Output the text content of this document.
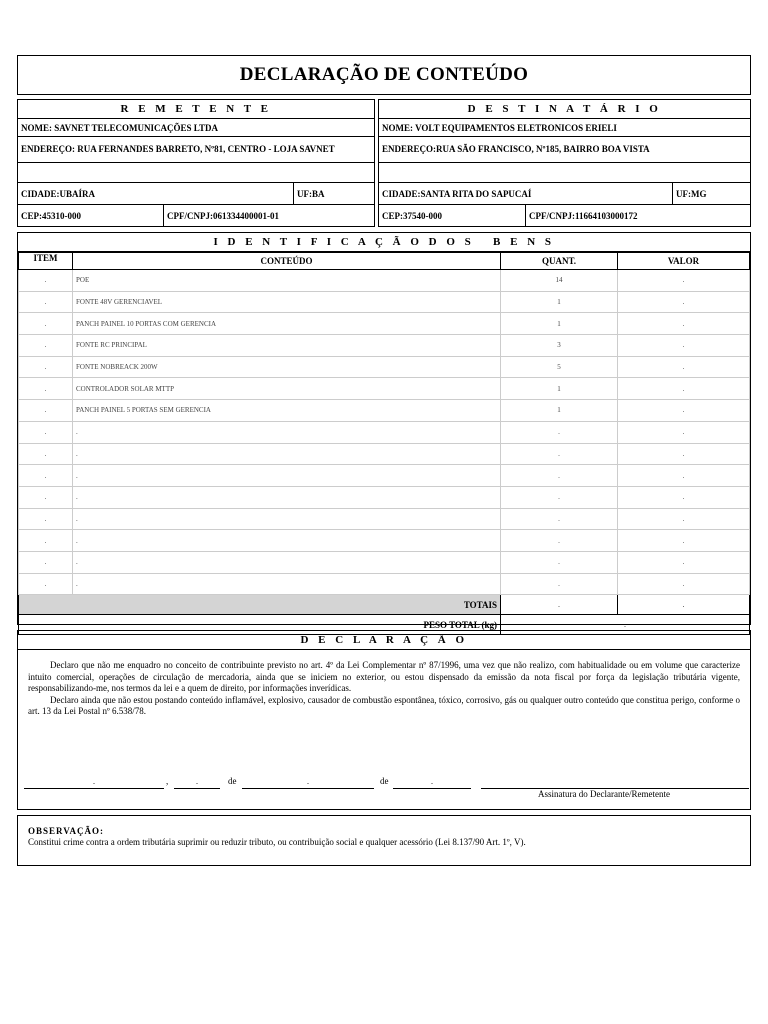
DECLARAÇÃO DE CONTEÚDO
R E M E T E N T E
NOME: SAVNET TELECOMUNICAÇÕES LTDA
ENDEREÇO: RUA FERNANDES BARRETO, Nº81, CENTRO - LOJA SAVNET
CIDADE:UBAÍRA	UF:BA
CEP:45310-000	CPF/CNPJ:061334400001-01
D E S T I N A T Á R I O
NOME: VOLT EQUIPAMENTOS ELETRONICOS ERIELI
ENDEREÇO:RUA SÃO FRANCISCO, Nº185, BAIRRO BOA VISTA
CIDADE:SANTA RITA DO SAPUCAÍ	UF:MG
CEP:37540-000	CPF/CNPJ:11664103000172
I D E N T I F I C A Ç Ã O D O S   B E N S
ITEM	CONTEÚDO	QUANT.	VALOR
.	POE	14	.
.	FONTE 48V GERENCIAVEL	1	.
.	PANCH PAINEL 10 PORTAS COM GERENCIA	1	.
.	FONTE RC PRINCIPAL	3	.
.	FONTE NOBREACK 200W	5	.
.	CONTROLADOR SOLAR MTTP	1	.
.	PANCH PAINEL 5 PORTAS SEM GERENCIA	1	.
.	.	.	.
.	.	.	.
.	.	.	.
.	.	.	.
.	.	.	.
.	.	.	.
.	.	.	.
.	.	.	.
TOTAIS		.	.
PESO TOTAL (kg)		.	
D E C L A R A Ç Ã O

Declaro que não me enquadro no conceito de contribuinte previsto no art. 4º da Lei Complementar nº 87/1996, uma vez que não realizo, com habitualidade ou em volume que caracterize intuito comercial, operações de circulação de mercadoria, ainda que se iniciem no exterior, ou estou dispensado da emissão da nota fiscal por força da legislação tributária vigente, responsabilizando-me, nos termos da lei e a quem de direito, por informações inverídicas.

Declaro ainda que não estou postando conteúdo inflamável, explosivo, causador de combustão espontânea, tóxico, corrosivo, gás ou qualquer outro conteúdo que constitua perigo, conforme o art. 13 da Lei Postal nº 6.538/78.

.	,	.	de	.	de	.
Assinatura do Declarante/Remetente
OBSERVAÇÃO:
Constitui crime contra a ordem tributária suprimir ou reduzir tributo, ou contribuição social e qualquer acessório (Lei 8.137/90 Art. 1º, V).
